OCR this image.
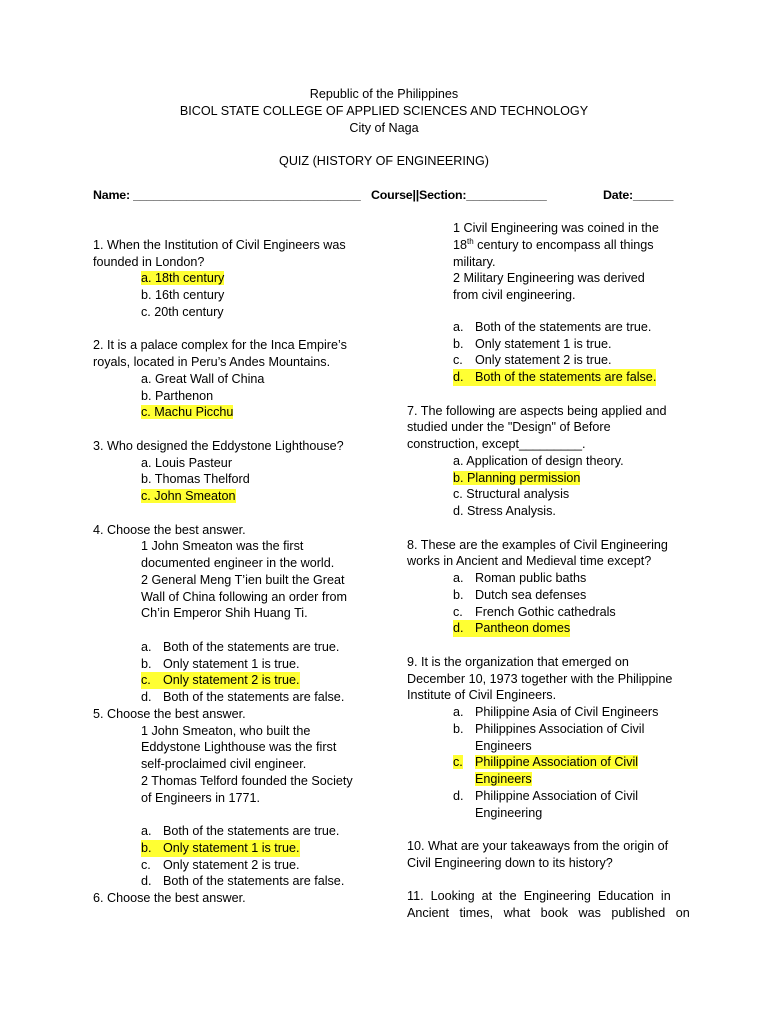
Republic of the Philippines
BICOL STATE COLLEGE OF APPLIED SCIENCES AND TECHNOLOGY
City of Naga
QUIZ (HISTORY OF ENGINEERING)
Name: __________________________________ Course||Section:____________	Date:______
1. When the Institution of Civil Engineers was
founded in London?
a. 18th century
b. 16th century
c. 20th century
2. It is a palace complex for the Inca Empire’s
royals, located in Peru’s Andes Mountains.
a. Great Wall of China
b. Parthenon
c. Machu Picchu
3. Who designed the Eddystone Lighthouse?
a. Louis Pasteur
b. Thomas Thelford
c. John Smeaton
4. Choose the best answer.
1 John Smeaton was the first
documented engineer in the world.
2 General Meng T’ien built the Great
Wall of China following an order from
Ch’in Emperor Shih Huang Ti.
a. Both of the statements are true.
b. Only statement 1 is true.
c. Only statement 2 is true.
d. Both of the statements are false.
5. Choose the best answer.
1 John Smeaton, who built the
Eddystone Lighthouse was the first
self-proclaimed civil engineer.
2 Thomas Telford founded the Society
of Engineers in 1771.
a. Both of the statements are true.
b. Only statement 1 is true.
c. Only statement 2 is true.
d. Both of the statements are false.
6. Choose the best answer.
1 Civil Engineering was coined in the
18th century to encompass all things
military.
2 Military Engineering was derived
from civil engineering.
a. Both of the statements are true.
b. Only statement 1 is true.
c. Only statement 2 is true.
d. Both of the statements are false.
7. The following are aspects being applied and
studied under the "Design" of Before
construction, except_________.
a. Application of design theory.
b. Planning permission
c. Structural analysis
d. Stress Analysis.
8. These are the examples of Civil Engineering
works in Ancient and Medieval time except?
a. Roman public baths
b. Dutch sea defenses
c. French Gothic cathedrals
d. Pantheon domes
9. It is the organization that emerged on
December 10, 1973 together with the Philippine
Institute of Civil Engineers.
a. Philippine Asia of Civil Engineers
b. Philippines Association of Civil
Engineers
c. Philippine Association of Civil
Engineers
d. Philippine Association of Civil
Engineering
10. What are your takeaways from the origin of
Civil Engineering down to its history?
11.  Looking  at  the  Engineering  Education  in
Ancient   times,   what   book   was   published   on
